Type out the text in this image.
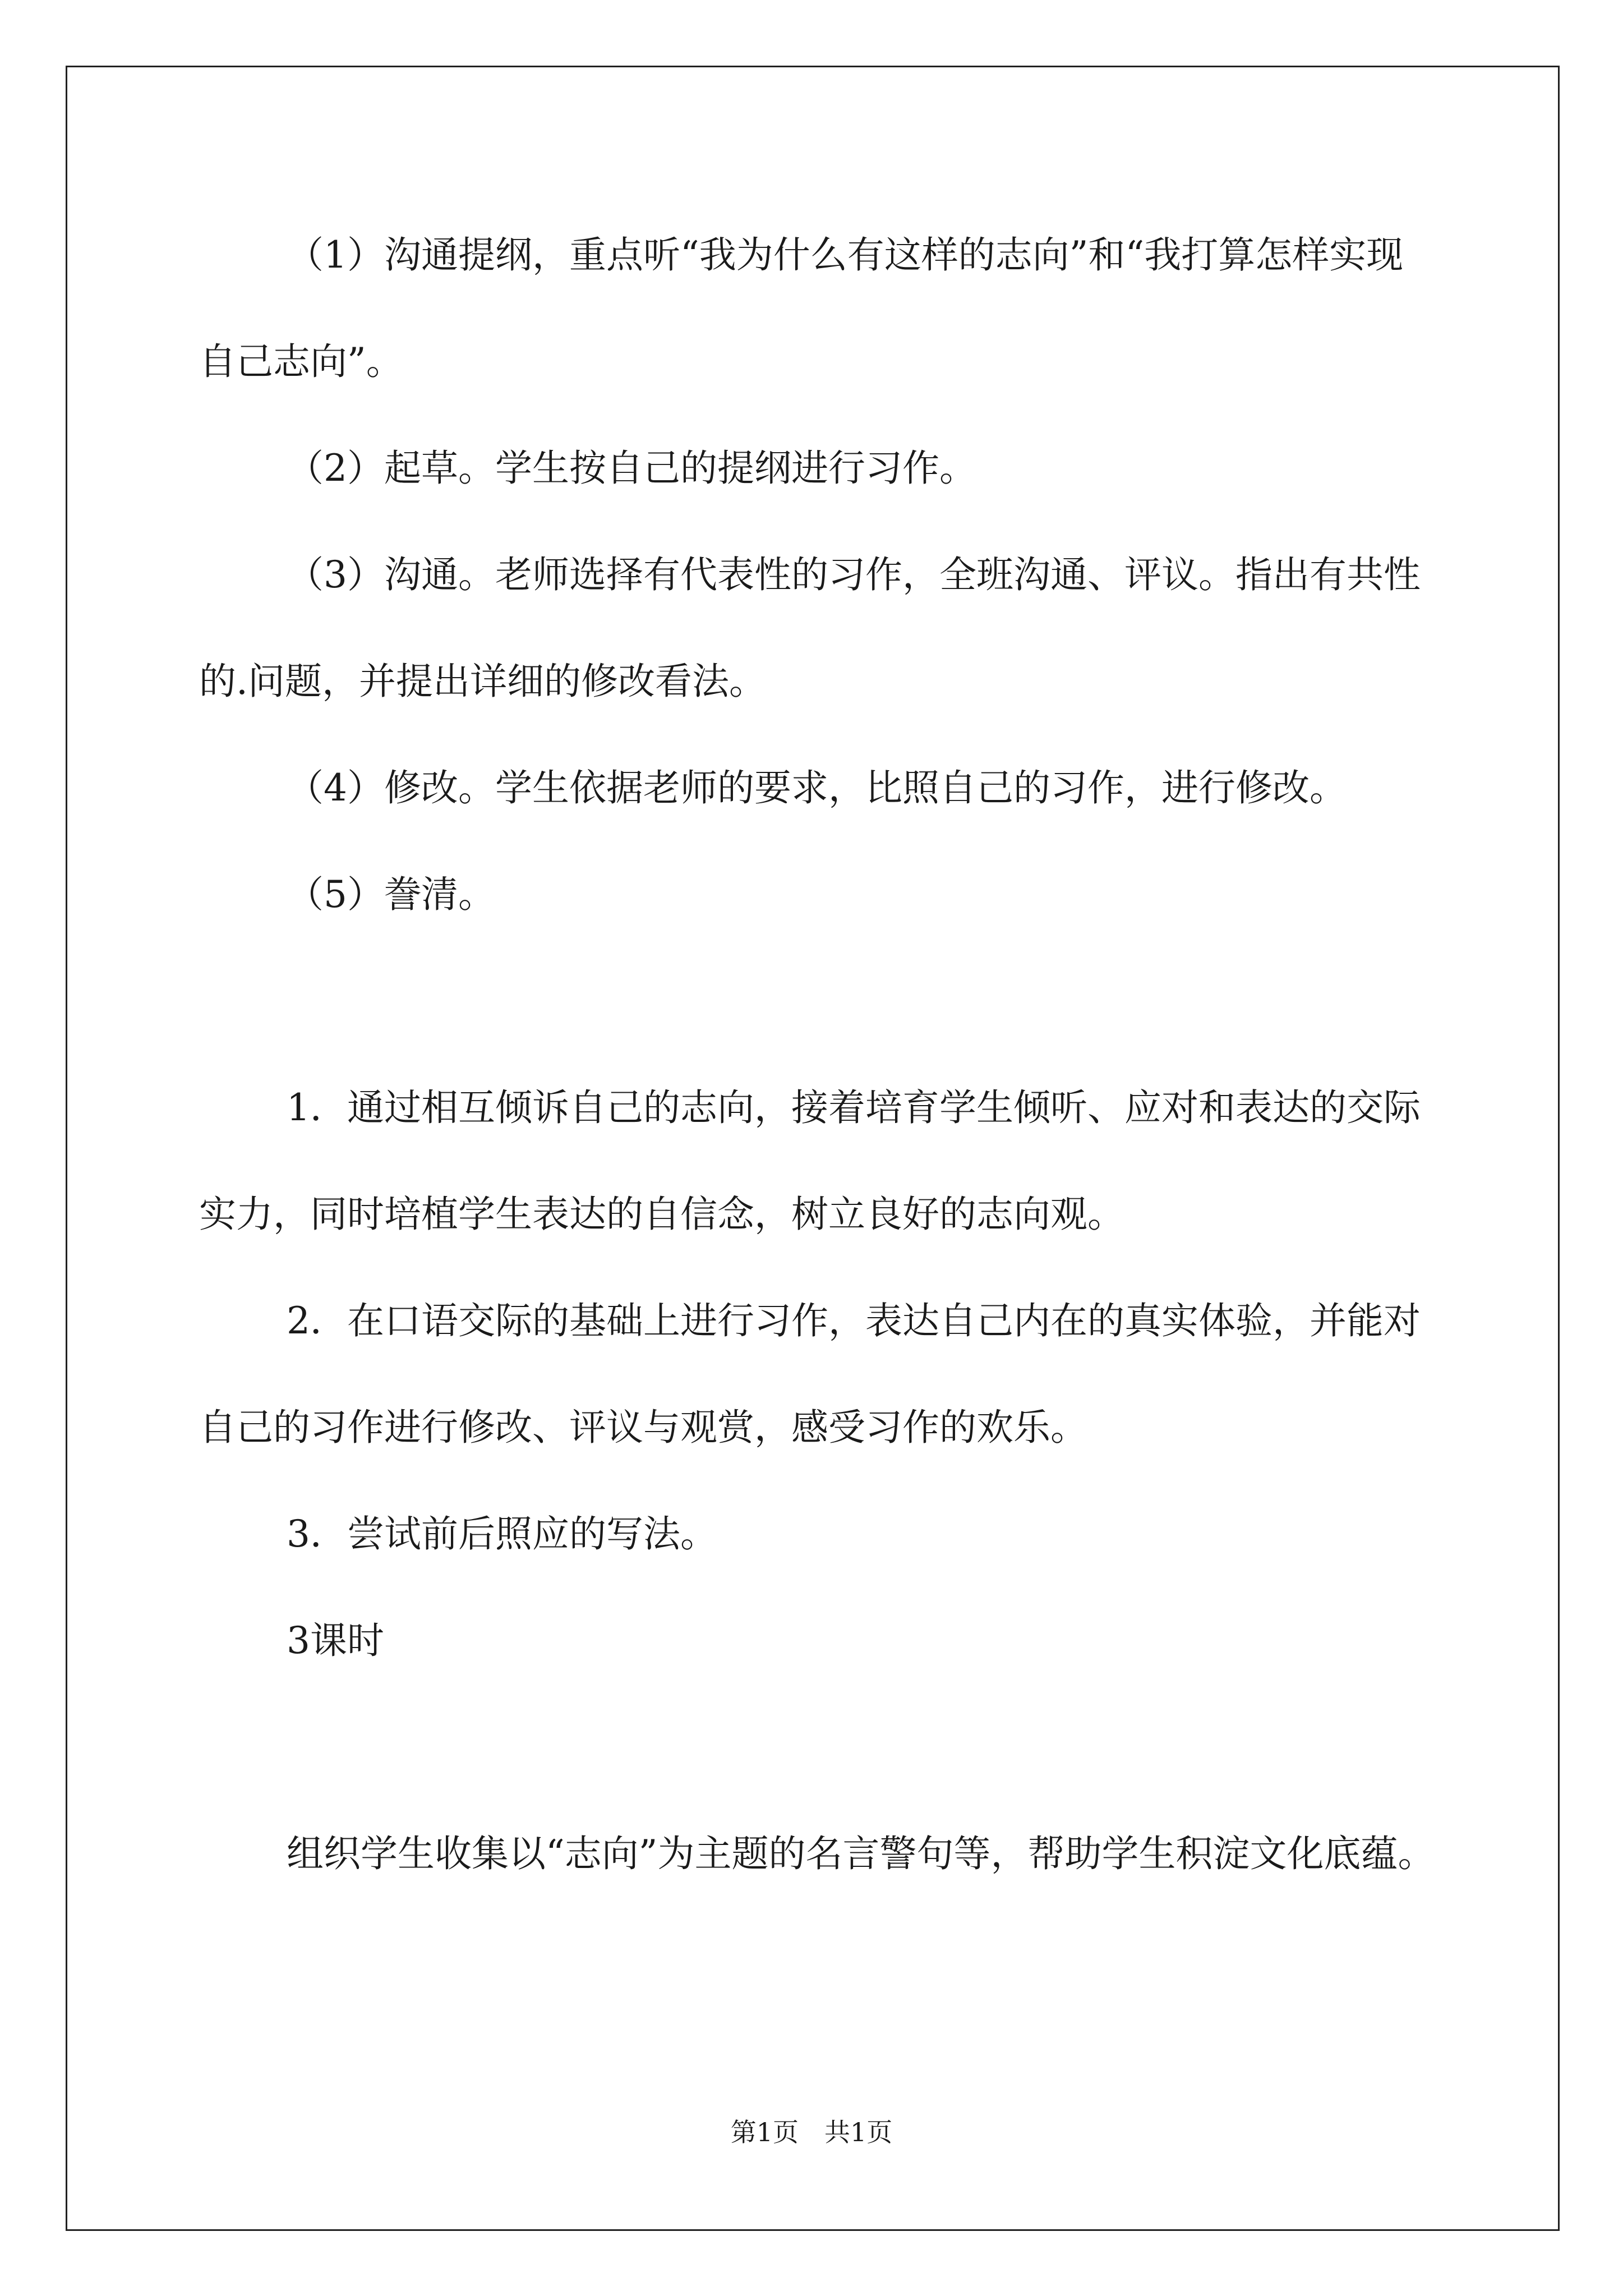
（1）沟通提纲，重点听“我为什么有这样的志向”和“我打算怎样实现自己志向”。

（2）起草。学生按自己的提纲进行习作。

（3）沟通。老师选择有代表性的习作，全班沟通、评议。指出有共性的.问题，并提出详细的修改看法。

（4）修改。学生依据老师的要求，比照自己的习作，进行修改。

（5）誊清。

1．通过相互倾诉自己的志向，接着培育学生倾听、应对和表达的交际实力，同时培植学生表达的自信念，树立良好的志向观。

2．在口语交际的基础上进行习作，表达自己内在的真实体验，并能对自己的习作进行修改、评议与观赏，感受习作的欢乐。

3．尝试前后照应的写法。

3课时

组织学生收集以“志向”为主题的名言警句等，帮助学生积淀文化底蕴。

第1页　共1页
